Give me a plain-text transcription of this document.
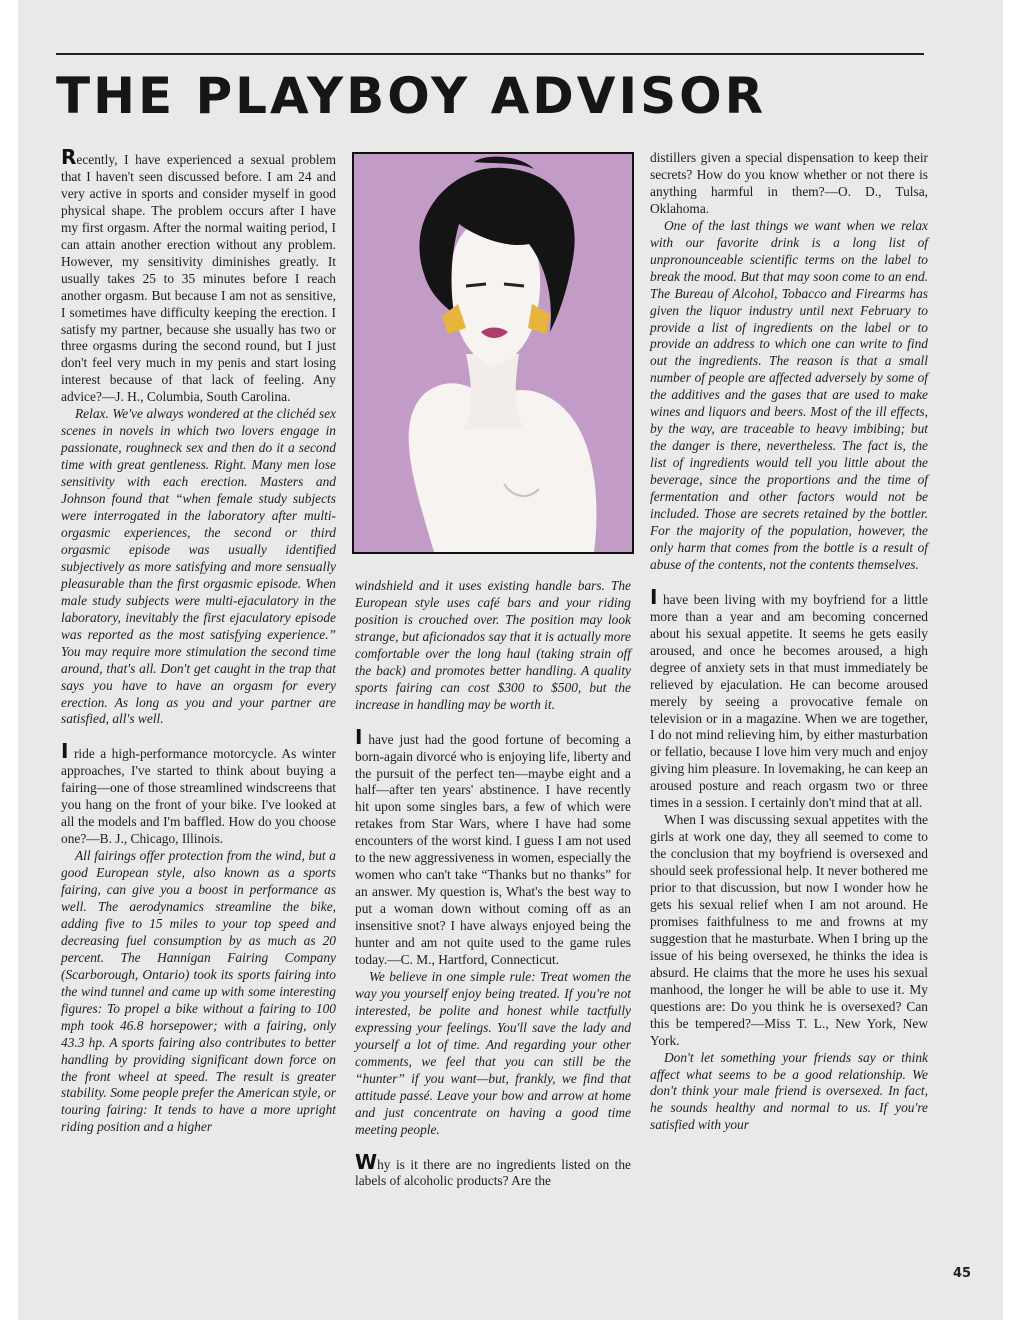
THE PLAYBOY ADVISOR

Recently, I have experienced a sexual problem that I haven't seen discussed before. I am 24 and very active in sports and consider myself in good physical shape. The problem occurs after I have my first orgasm. After the normal waiting period, I can attain another erection without any problem. However, my sensitivity diminishes greatly. It usually takes 25 to 35 minutes before I reach another orgasm. But because I am not as sensitive, I sometimes have difficulty keeping the erection. I satisfy my partner, because she usually has two or three orgasms during the second round, but I just don't feel very much in my penis and start losing interest because of that lack of feeling. Any advice?—J. H., Columbia, South Carolina.

Relax. We've always wondered at the clichéd sex scenes in novels in which two lovers engage in passionate, roughneck sex and then do it a second time with great gentleness. Right. Many men lose sensitivity with each erection. Masters and Johnson found that “when female study subjects were interrogated in the laboratory after multi-orgasmic experiences, the second or third orgasmic episode was usually identified subjectively as more satisfying and more sensually pleasurable than the first orgasmic episode. When male study subjects were multi-ejaculatory in the laboratory, inevitably the first ejaculatory episode was reported as the most satisfying experience.” You may require more stimulation the second time around, that's all. Don't get caught in the trap that says you have to have an orgasm for every erection. As long as you and your partner are satisfied, all's well.

I ride a high-performance motorcycle. As winter approaches, I've started to think about buying a fairing—one of those streamlined windscreens that you hang on the front of your bike. I've looked at all the models and I'm baffled. How do you choose one?—B. J., Chicago, Illinois.

All fairings offer protection from the wind, but a good European style, also known as a sports fairing, can give you a boost in performance as well. The aerodynamics streamline the bike, adding five to 15 miles to your top speed and decreasing fuel consumption by as much as 20 percent. The Hannigan Fairing Company (Scarborough, Ontario) took its sports fairing into the wind tunnel and came up with some interesting figures: To propel a bike without a fairing to 100 mph took 46.8 horsepower; with a fairing, only 43.3 hp. A sports fairing also contributes to better handling by providing significant down force on the front wheel at speed. The result is greater stability. Some people prefer the American style, or touring fairing: It tends to have a more upright riding position and a higher

windshield and it uses existing handle bars. The European style uses café bars and your riding position is crouched over. The position may look strange, but aficionados say that it is actually more comfortable over the long haul (taking strain off the back) and promotes better handling. A quality sports fairing can cost $300 to $500, but the increase in handling may be worth it.

I have just had the good fortune of becoming a born-again divorcé who is enjoying life, liberty and the pursuit of the perfect ten—maybe eight and a half—after ten years' abstinence. I have recently hit upon some singles bars, a few of which were retakes from Star Wars, where I have had some encounters of the worst kind. I guess I am not used to the new aggressiveness in women, especially the women who can't take “Thanks but no thanks” for an answer. My question is, What's the best way to put a woman down without coming off as an insensitive snot? I have always enjoyed being the hunter and am not quite used to the game rules today.—C. M., Hartford, Connecticut.

We believe in one simple rule: Treat women the way you yourself enjoy being treated. If you're not interested, be polite and honest while tactfully expressing your feelings. You'll save the lady and yourself a lot of time. And regarding your other comments, we feel that you can still be the “hunter” if you want—but, frankly, we find that attitude passé. Leave your bow and arrow at home and just concentrate on having a good time meeting people.

Why is it there are no ingredients listed on the labels of alcoholic products? Are the

distillers given a special dispensation to keep their secrets? How do you know whether or not there is anything harmful in them?—O. D., Tulsa, Oklahoma.

One of the last things we want when we relax with our favorite drink is a long list of unpronounceable scientific terms on the label to break the mood. But that may soon come to an end. The Bureau of Alcohol, Tobacco and Firearms has given the liquor industry until next February to provide a list of ingredients on the label or to provide an address to which one can write to find out the ingredients. The reason is that a small number of people are affected adversely by some of the additives and the gases that are used to make wines and liquors and beers. Most of the ill effects, by the way, are traceable to heavy imbibing; but the danger is there, nevertheless. The fact is, the list of ingredients would tell you little about the beverage, since the proportions and the time of fermentation and other factors would not be included. Those are secrets retained by the bottler. For the majority of the population, however, the only harm that comes from the bottle is a result of abuse of the contents, not the contents themselves.

I have been living with my boyfriend for a little more than a year and am becoming concerned about his sexual appetite. It seems he gets easily aroused, and once he becomes aroused, a high degree of anxiety sets in that must immediately be relieved by ejaculation. He can become aroused merely by seeing a provocative female on television or in a magazine. When we are together, I do not mind relieving him, by either masturbation or fellatio, because I love him very much and enjoy giving him pleasure. In lovemaking, he can keep an aroused posture and reach orgasm two or three times in a session. I certainly don't mind that at all.

When I was discussing sexual appetites with the girls at work one day, they all seemed to come to the conclusion that my boyfriend is oversexed and should seek professional help. It never bothered me prior to that discussion, but now I wonder how he gets his sexual relief when I am not around. He promises faithfulness to me and frowns at my suggestion that he masturbate. When I bring up the issue of his being oversexed, he thinks the idea is absurd. He claims that the more he uses his sexual manhood, the longer he will be able to use it. My questions are: Do you think he is oversexed? Can this be tempered?—Miss T. L., New York, New York.

Don't let something your friends say or think affect what seems to be a good relationship. We don't think your male friend is oversexed. In fact, he sounds healthy and normal to us. If you're satisfied with your

45
